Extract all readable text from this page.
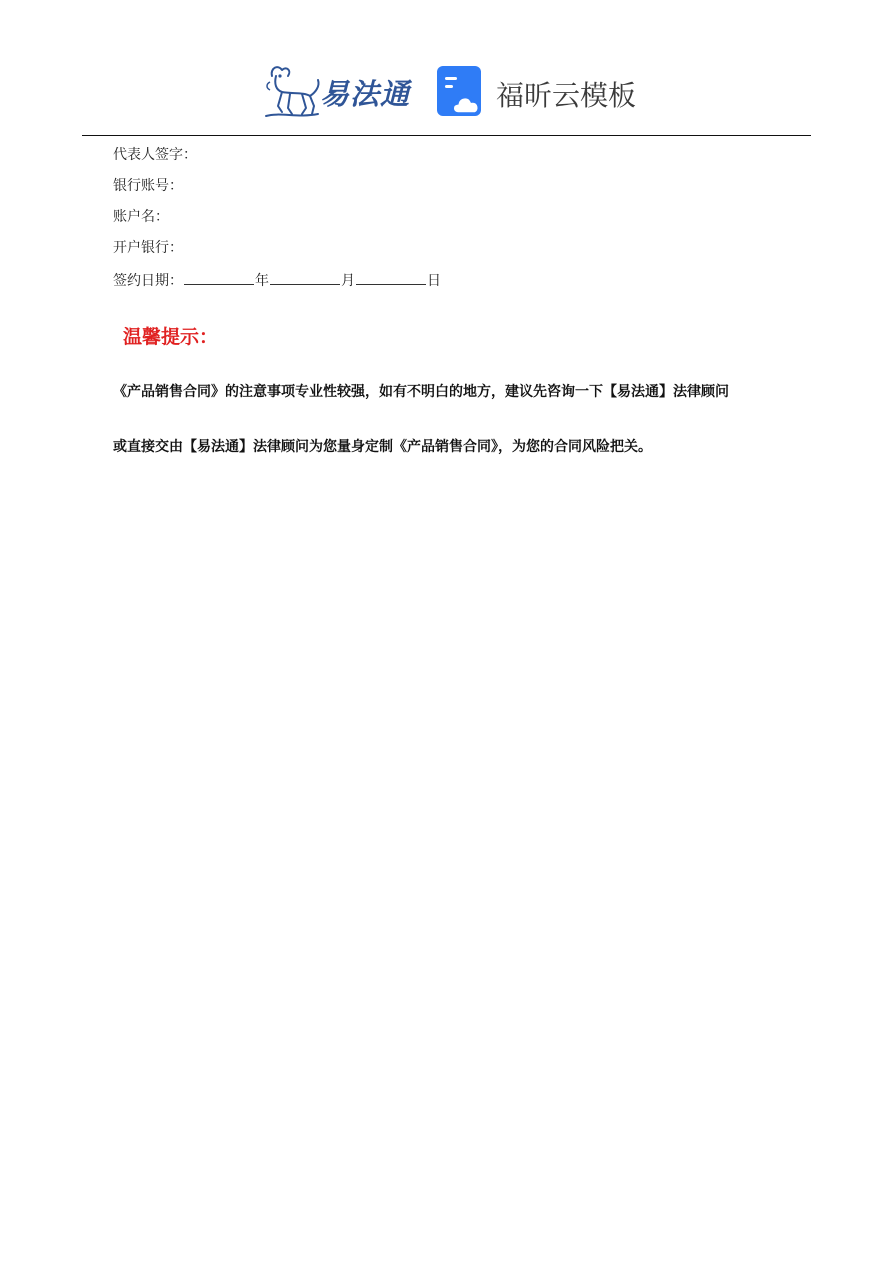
易法通	福昕云模板
代表人签字：
银行账号：
账户名：
开户银行：
签约日期：	年	月	日
温馨提示：
《产品销售合同》的注意事项专业性较强，如有不明白的地方，建议先咨询一下【易法通】法律顾问
或直接交由【易法通】法律顾问为您量身定制《产品销售合同》，为您的合同风险把关。
